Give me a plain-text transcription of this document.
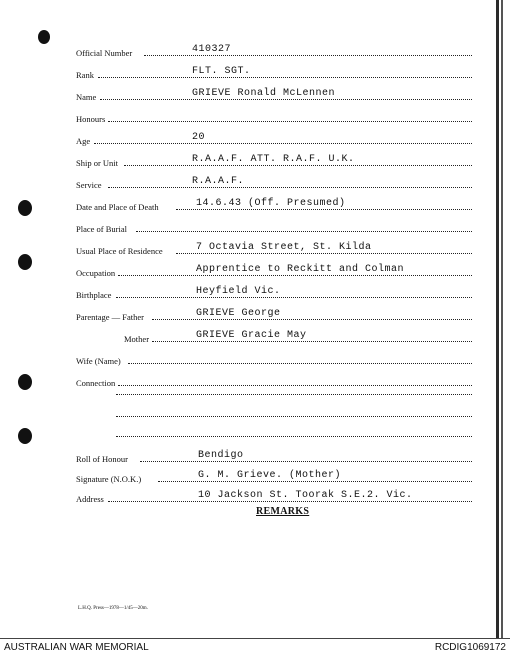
Official Number	410327
Rank	FLT. SGT.
Name	GRIEVE Ronald McLennen
Honours
Age	20
Ship or Unit	R.A.A.F. ATT. R.A.F. U.K.
Service	R.A.A.F.
Date and Place of Death	14.6.43 (Off. Presumed)
Place of Burial
Usual Place of Residence	7 Octavia Street, St. Kilda
Occupation	Apprentice to Reckitt and Colman
Birthplace	Heyfield Vic.
Parentage — Father	GRIEVE George
Mother	GRIEVE Gracie May
Wife (Name)
Connection
Roll of Honour	Bendigo
Signature (N.O.K.)	G. M. Grieve. (Mother)
Address	10 Jackson St. Toorak S.E.2. Vic.
REMARKS
L.H.Q. Press—1978—1/45—20m.
AUSTRALIAN WAR MEMORIAL	RCDIG1069172
